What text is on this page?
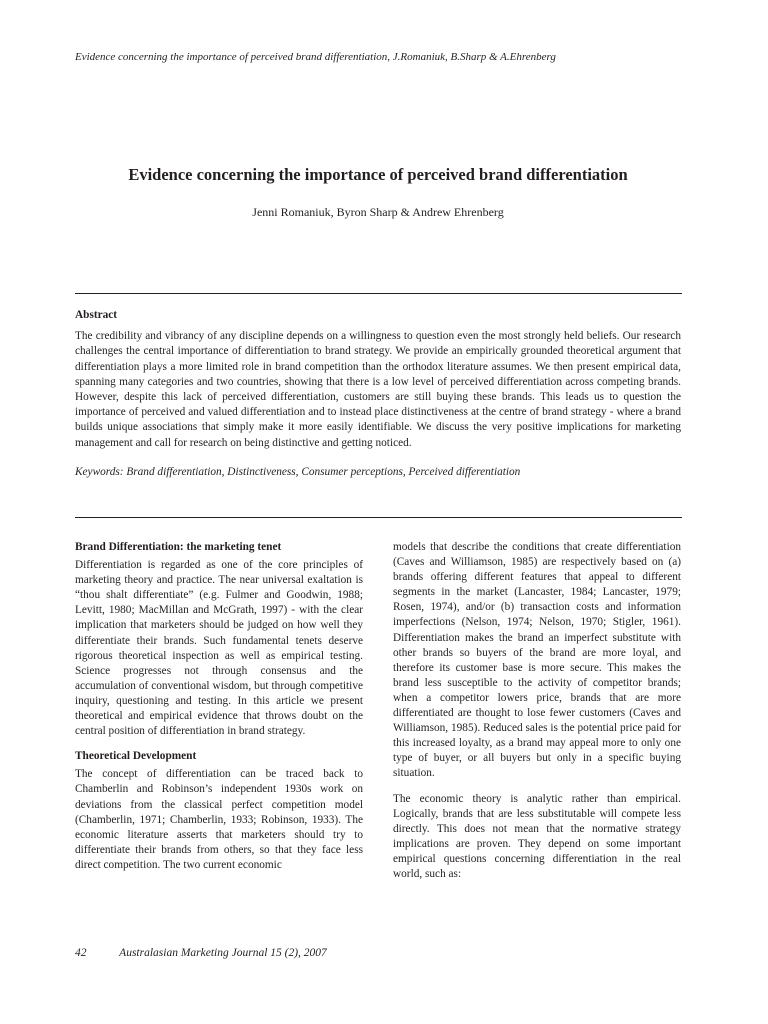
Evidence concerning the importance of perceived brand differentiation, J.Romaniuk, B.Sharp & A.Ehrenberg
Evidence concerning the importance of perceived brand differentiation
Jenni Romaniuk, Byron Sharp & Andrew Ehrenberg
Abstract

The credibility and vibrancy of any discipline depends on a willingness to question even the most strongly held beliefs. Our research challenges the central importance of differentiation to brand strategy. We provide an empirically grounded theoretical argument that differentiation plays a more limited role in brand competition than the orthodox literature assumes. We then present empirical data, spanning many categories and two countries, showing that there is a low level of perceived differentiation across competing brands. However, despite this lack of perceived differentiation, customers are still buying these brands. This leads us to question the importance of perceived and valued differentiation and to instead place distinctiveness at the centre of brand strategy - where a brand builds unique associations that simply make it more easily identifiable. We discuss the very positive implications for marketing management and call for research on being distinctive and getting noticed.

Keywords: Brand differentiation, Distinctiveness, Consumer perceptions, Perceived differentiation

Brand Differentiation: the marketing tenet

Differentiation is regarded as one of the core principles of marketing theory and practice. The near universal exaltation is “thou shalt differentiate” (e.g. Fulmer and Goodwin, 1988; Levitt, 1980; MacMillan and McGrath, 1997) - with the clear implication that marketers should be judged on how well they differentiate their brands. Such fundamental tenets deserve rigorous theoretical inspection as well as empirical testing. Science progresses not through consensus and the accumulation of conventional wisdom, but through competitive inquiry, questioning and testing. In this article we present theoretical and empirical evidence that throws doubt on the central position of differentiation in brand strategy.

Theoretical Development

The concept of differentiation can be traced back to Chamberlin and Robinson’s independent 1930s work on deviations from the classical perfect competition model (Chamberlin, 1971; Chamberlin, 1933; Robinson, 1933). The economic literature asserts that marketers should try to differentiate their brands from others, so that they face less direct competition. The two current economic

models that describe the conditions that create differentiation (Caves and Williamson, 1985) are respectively based on (a) brands offering different features that appeal to different segments in the market (Lancaster, 1984; Lancaster, 1979; Rosen, 1974), and/or (b) transaction costs and information imperfections (Nelson, 1974; Nelson, 1970; Stigler, 1961). Differentiation makes the brand an imperfect substitute with other brands so buyers of the brand are more loyal, and therefore its customer base is more secure. This makes the brand less susceptible to the activity of competitor brands; when a competitor lowers price, brands that are more differentiated are thought to lose fewer customers (Caves and Williamson, 1985). Reduced sales is the potential price paid for this increased loyalty, as a brand may appeal more to only one type of buyer, or all buyers but only in a specific buying situation.

The economic theory is analytic rather than empirical. Logically, brands that are less substitutable will compete less directly. This does not mean that the normative strategy implications are proven. They depend on some important empirical questions concerning differentiation in the real world, such as:

42	Australasian Marketing Journal 15 (2), 2007
